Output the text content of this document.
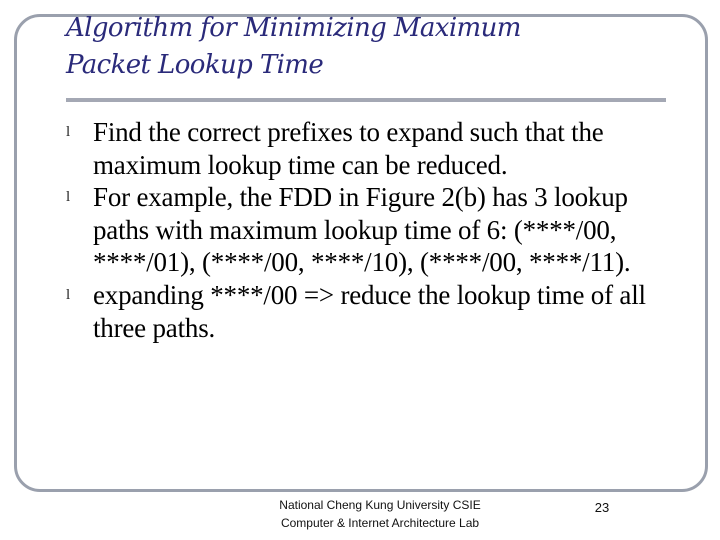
Algorithm for Minimizing Maximum
Packet Lookup Time
l Find the correct prefixes to expand such that the maximum lookup time can be reduced.
l For example, the FDD in Figure 2(b) has 3 lookup paths with maximum lookup time of 6: (****/00, ****/01), (****/00, ****/10), (****/00, ****/11).
l expanding ****/00 => reduce the lookup time of all three paths.
National Cheng Kung University CSIE
Computer & Internet Architecture Lab
23
